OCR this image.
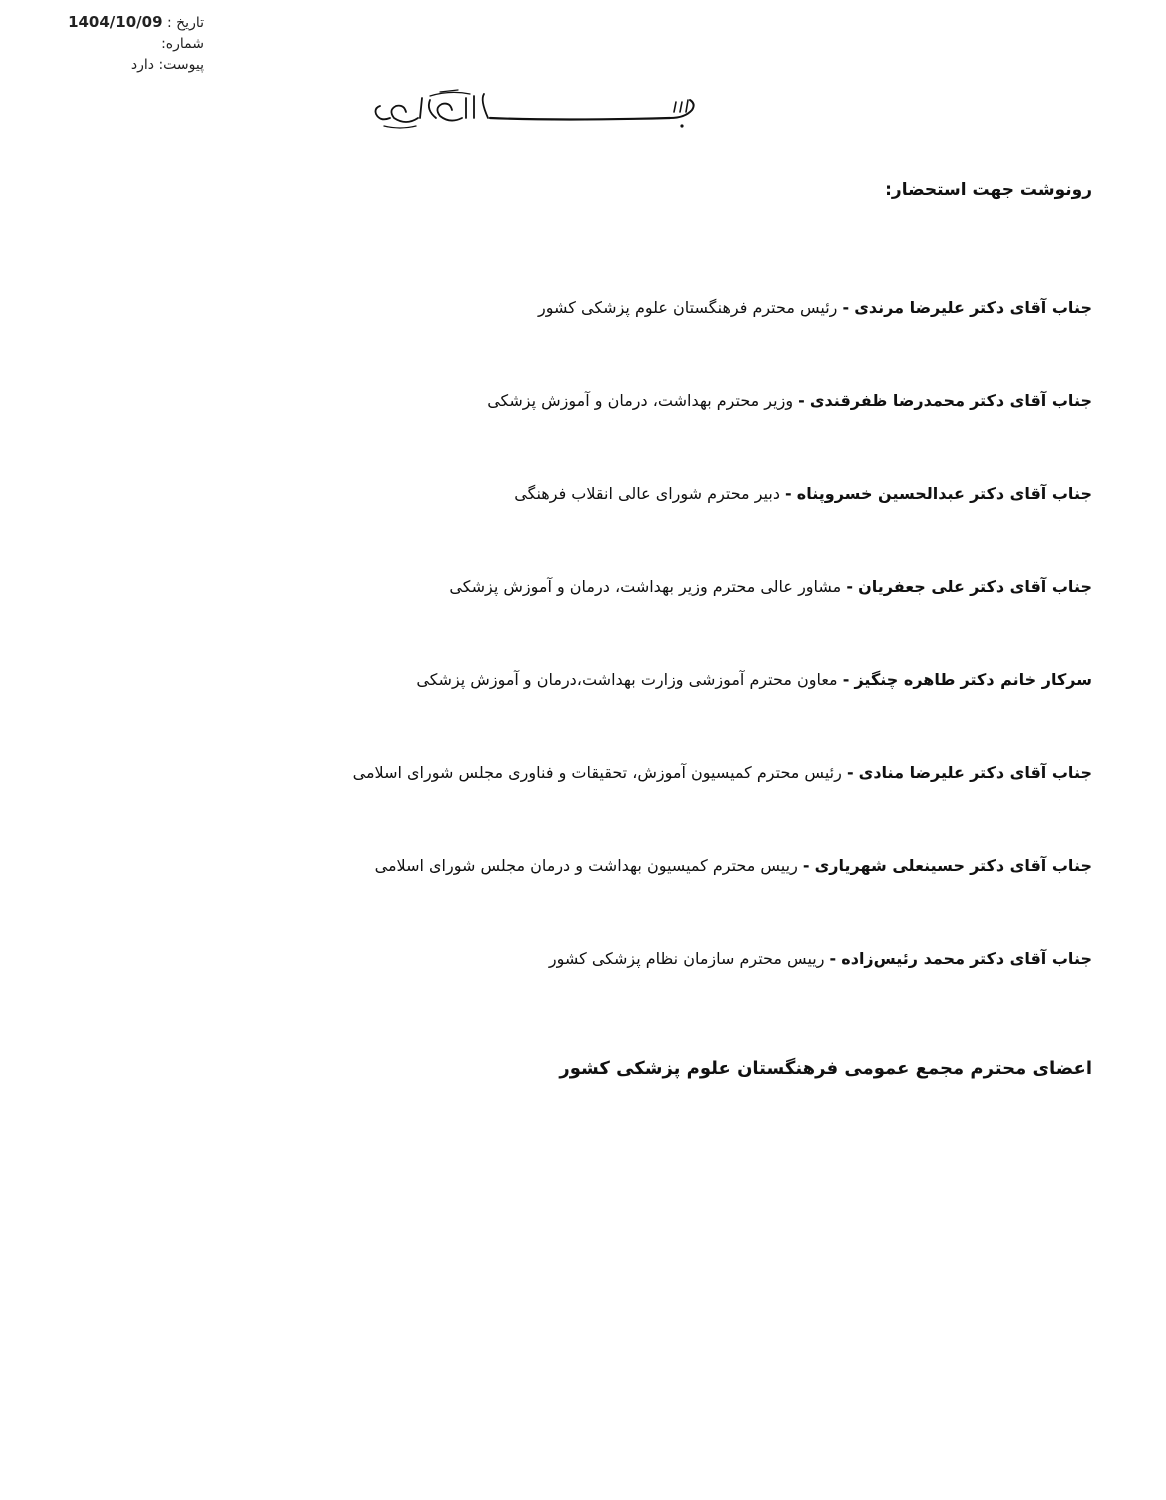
تاریخ : 1404/10/09
شماره:
پیوست: دارد
رونوشت جهت استحضار:
جناب آقای دکتر علیرضا مرندی - رئیس محترم فرهنگستان علوم پزشکی کشور
جناب آقای دکتر محمدرضا ظفرقندی - وزیر محترم بهداشت، درمان و آموزش پزشکی
جناب آقای دکتر عبدالحسین خسروپناه - دبیر محترم شورای عالی انقلاب فرهنگی
جناب آقای دکتر علی جعفریان - مشاور عالی محترم وزیر بهداشت، درمان و آموزش پزشکی
سرکار خانم دکتر طاهره چنگیز - معاون محترم آموزشی وزارت بهداشت،درمان و آموزش پزشکی
جناب آقای دکتر علیرضا منادی - رئیس محترم کمیسیون آموزش، تحقیقات و فناوری مجلس شورای اسلامی
جناب آقای دکتر حسینعلی شهریاری - رییس محترم کمیسیون بهداشت و درمان مجلس شورای اسلامی
جناب آقای دکتر محمد رئیس‌زاده - رییس محترم سازمان نظام پزشکی کشور
اعضای محترم مجمع عمومی فرهنگستان علوم پزشکی کشور
